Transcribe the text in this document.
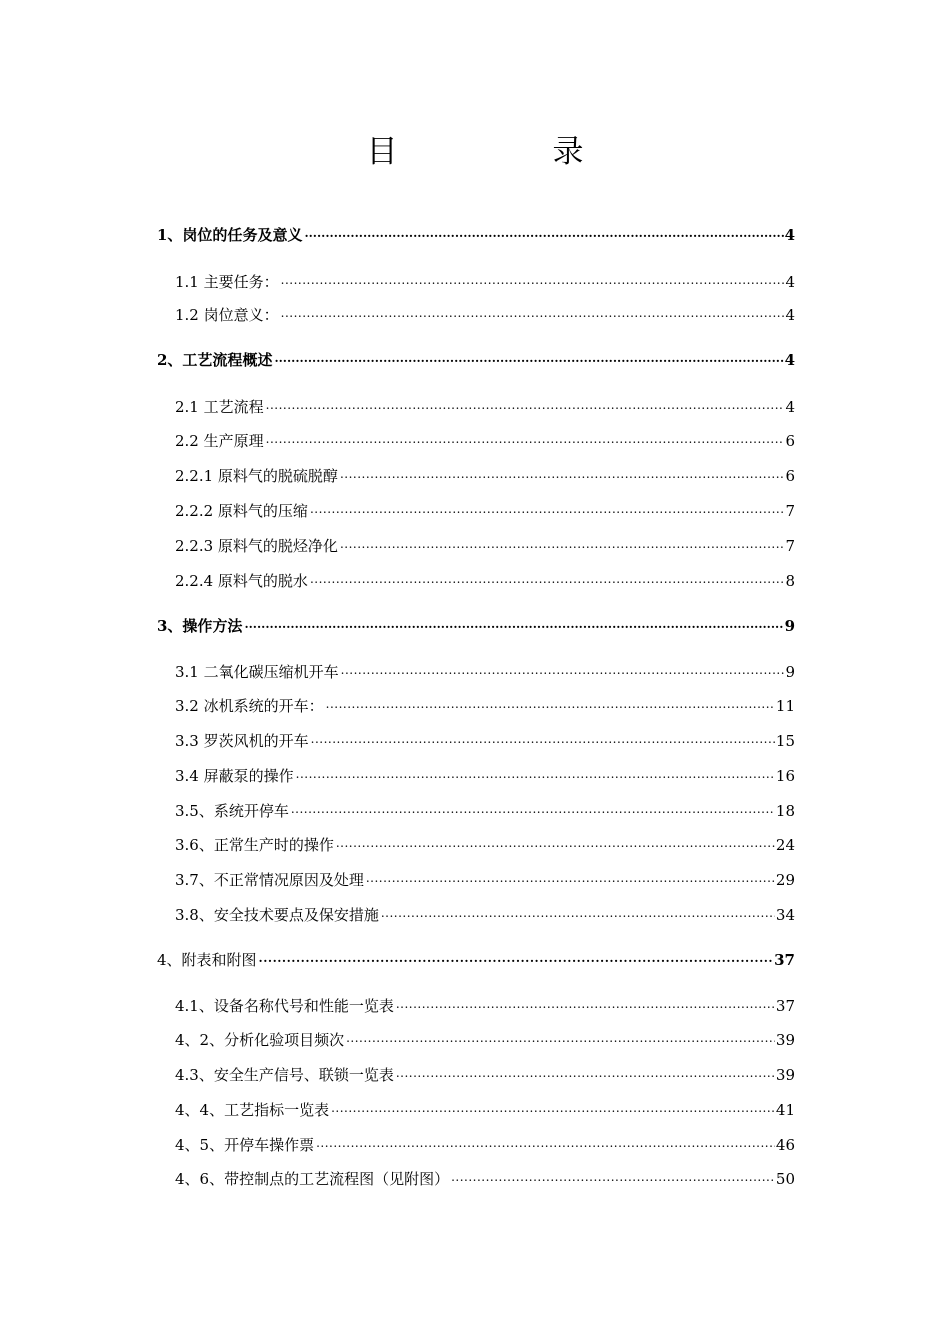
目　录
1、岗位的任务及意义 .....	4
1.1 主要任务： .....	4
1.2 岗位意义： .....	4
2、工艺流程概述 .....	4
2.1 工艺流程 .....	4
2.2 生产原理 .....	6
2.2.1 原料气的脱硫脱醇 .....	6
2.2.2 原料气的压缩 .....	7
2.2.3 原料气的脱烃净化 .....	7
2.2.4 原料气的脱水 .....	8
3、操作方法 .....	9
3.1 二氧化碳压缩机开车 .....	9
3.2 冰机系统的开车： .....	11
3.3 罗茨风机的开车 .....	15
3.4 屏蔽泵的操作 .....	16
3.5、系统开停车 .....	18
3.6、正常生产时的操作 .....	24
3.7、不正常情况原因及处理 .....	29
3.8、安全技术要点及保安措施 .....	34
4、附表和附图 .....	37
4.1、设备名称代号和性能一览表 .....	37
4、2、分析化验项目频次 .....	39
4.3、安全生产信号、联锁一览表 .....	39
4、4、工艺指标一览表 .....	41
4、5、开停车操作票 .....	46
4、6、带控制点的工艺流程图（见附图） .....	50
